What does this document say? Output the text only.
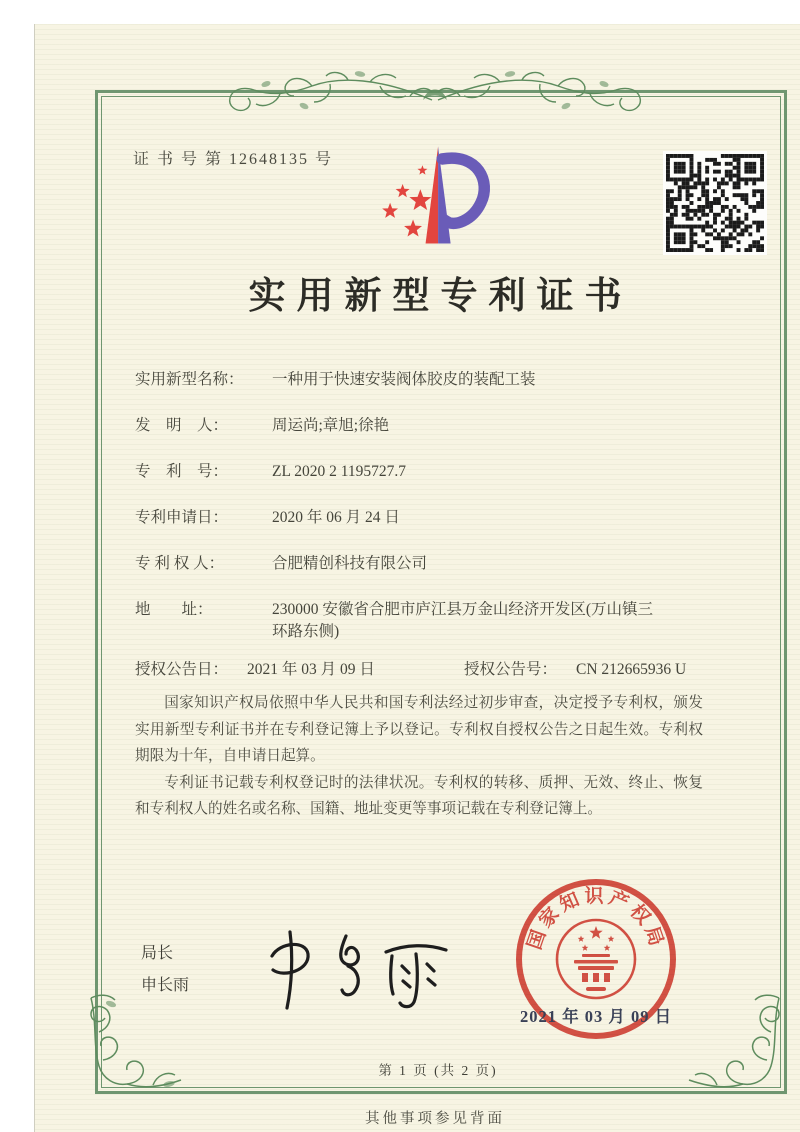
证 书 号 第 12648135 号
实用新型专利证书
实用新型名称：	一种用于快速安装阀体胶皮的装配工装
发　明　人：	周运尚;章旭;徐艳
专　利　号：	ZL 2020 2 1195727.7
专利申请日：	2020 年 06 月 24 日
专 利 权 人：	合肥精创科技有限公司
地　　址：	230000 安徽省合肥市庐江县万金山经济开发区(万山镇三环路东侧)
授权公告日：	2021 年 03 月 09 日	授权公告号：	CN 212665936 U

国家知识产权局依照中华人民共和国专利法经过初步审查，决定授予专利权，颁发实用新型专利证书并在专利登记簿上予以登记。专利权自授权公告之日起生效。专利权期限为十年，自申请日起算。

专利证书记载专利权登记时的法律状况。专利权的转移、质押、无效、终止、恢复和专利权人的姓名或名称、国籍、地址变更等事项记载在专利登记簿上。

局长
申长雨
国家知识产权局
2021 年 03 月 09 日
第 1 页 (共 2 页)
其他事项参见背面
